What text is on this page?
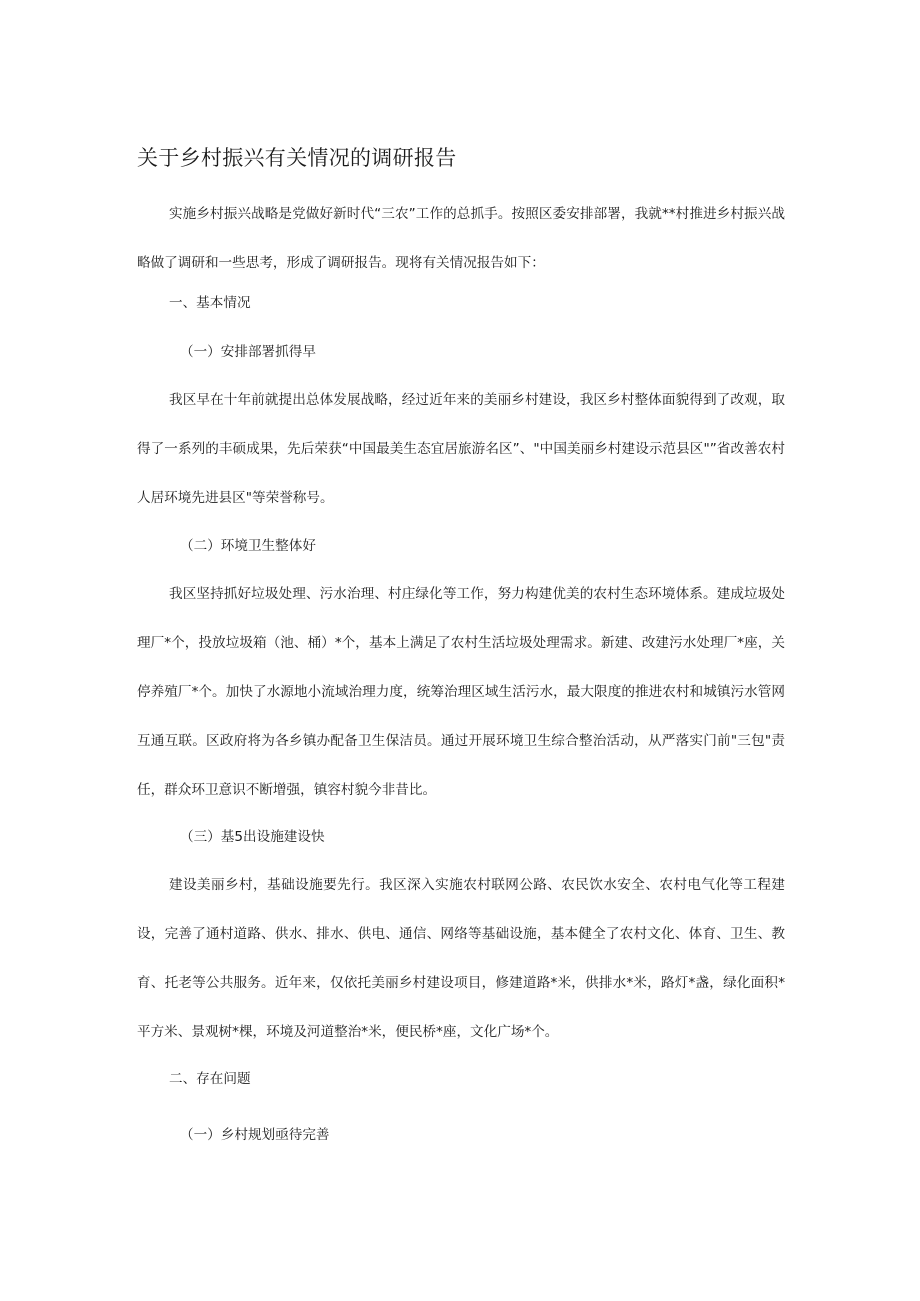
关于乡村振兴有关情况的调研报告

实施乡村振兴战略是党做好新时代“三农”工作的总抓手。按照区委安排部署，我就**村推进乡村振兴战略做了调研和一些思考，形成了调研报告。现将有关情况报告如下：

一、基本情况

（一）安排部署抓得早

我区早在十年前就提出总体发展战略，经过近年来的美丽乡村建设，我区乡村整体面貌得到了改观，取得了一系列的丰硕成果，先后荣获“中国最美生态宜居旅游名区”、"中国美丽乡村建设示范县区"”省改善农村人居环境先进县区"等荣誉称号。

（二）环境卫生整体好

我区坚持抓好垃圾处理、污水治理、村庄绿化等工作，努力构建优美的农村生态环境体系。建成垃圾处理厂*个，投放垃圾箱（池、桶）*个，基本上满足了农村生活垃圾处理需求。新建、改建污水处理厂*座，关停养殖厂*个。加快了水源地小流域治理力度，统筹治理区域生活污水，最大限度的推进农村和城镇污水管网互通互联。区政府将为各乡镇办配备卫生保洁员。通过开展环境卫生综合整治活动，从严落实门前"三包"责任，群众环卫意识不断增强，镇容村貌今非昔比。

（三）基5出设施建设快

建设美丽乡村，基础设施要先行。我区深入实施农村联网公路、农民饮水安全、农村电气化等工程建设，完善了通村道路、供水、排水、供电、通信、网络等基础设施，基本健全了农村文化、体育、卫生、教育、托老等公共服务。近年来，仅依托美丽乡村建设项目，修建道路*米，供排水*米，路灯*盏，绿化面积*平方米、景观树*棵，环境及河道整治*米，便民桥*座，文化广场*个。

二、存在问题

（一）乡村规划亟待完善
